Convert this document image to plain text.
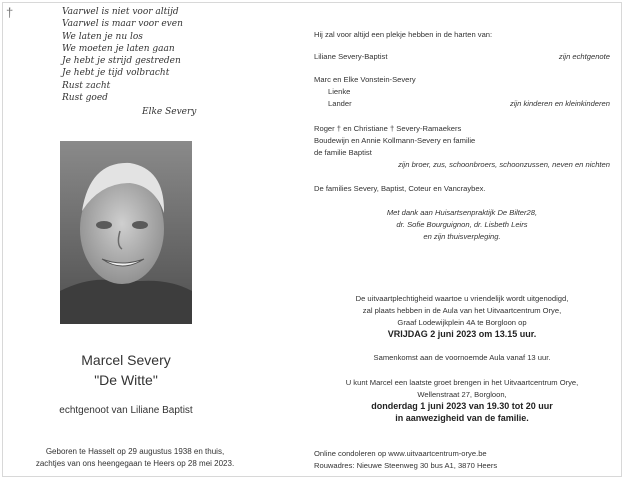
†	Vaarwel is niet voor altijd
Vaarwel is maar voor even
We laten je nu los
We moeten je laten gaan
Je hebt je strijd gestreden
Je hebt je tijd volbracht
Rust zacht
Rust goed
Elke Severy
Marcel Severy
"De Witte"
echtgenoot van Liliane Baptist
Geboren te Hasselt op 29 augustus 1938 en thuis,
zachtjes van ons heengegaan te Heers op 28 mei 2023.
Hij zal voor altijd een plekje hebben in de harten van:
Liliane Severy-Baptist	zijn echtgenote
Marc en Elke Vonstein-Severy
Lienke
Lander	zijn kinderen en kleinkinderen
Roger † en Christiane † Severy-Ramaekers
Boudewijn en Annie Kollmann-Severy en familie
de familie Baptist
zijn broer, zus, schoonbroers, schoonzussen, neven en nichten
De families Severy, Baptist, Coteur en Vancraybex.
Met dank aan Huisartsenpraktijk De Bilter28,
dr. Sofie Bourguignon, dr. Lisbeth Leirs
en zijn thuisverpleging.
De uitvaartplechtigheid waartoe u vriendelijk wordt uitgenodigd,
zal plaats hebben in de Aula van het Uitvaartcentrum Orye,
Graaf Lodewijkplein 4A te Borgloon op
VRIJDAG 2 juni 2023 om 13.15 uur.
Samenkomst aan de voornoemde Aula vanaf 13 uur.
U kunt Marcel een laatste groet brengen in het Uitvaartcentrum Orye,
Wellenstraat 27, Borgloon,
donderdag 1 juni 2023 van 19.30 tot 20 uur
in aanwezigheid van de familie.
Online condoleren op www.uitvaartcentrum-orye.be
Rouwadres: Nieuwe Steenweg 30 bus A1, 3870 Heers
